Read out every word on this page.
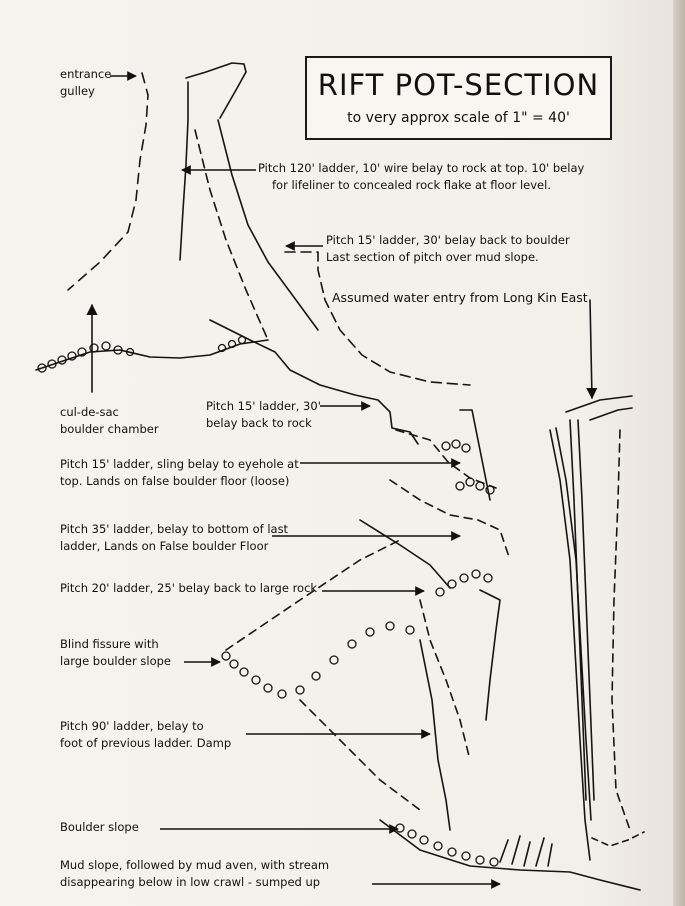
RIFT POT-SECTION
to very approx scale of 1" = 40'
entrance
gulley
Pitch 120' ladder, 10' wire belay to rock at top. 10' belay
for lifeliner to concealed rock flake at floor level.
Pitch 15' ladder, 30' belay back to boulder
Last section of pitch over mud slope.
Assumed water entry from Long Kin East
cul-de-sac
boulder chamber
Pitch 15' ladder, 30'
belay back to rock
Pitch 15' ladder, sling belay to eyehole at
top. Lands on false boulder floor (loose)
Pitch 35' ladder, belay to bottom of last
ladder, Lands on False boulder Floor
Pitch 20' ladder, 25' belay back to large rock
Blind fissure with
large boulder slope
Pitch 90' ladder, belay to
foot of previous ladder. Damp
Boulder slope
Mud slope, followed by mud aven, with stream
disappearing below in low crawl - sumped up
